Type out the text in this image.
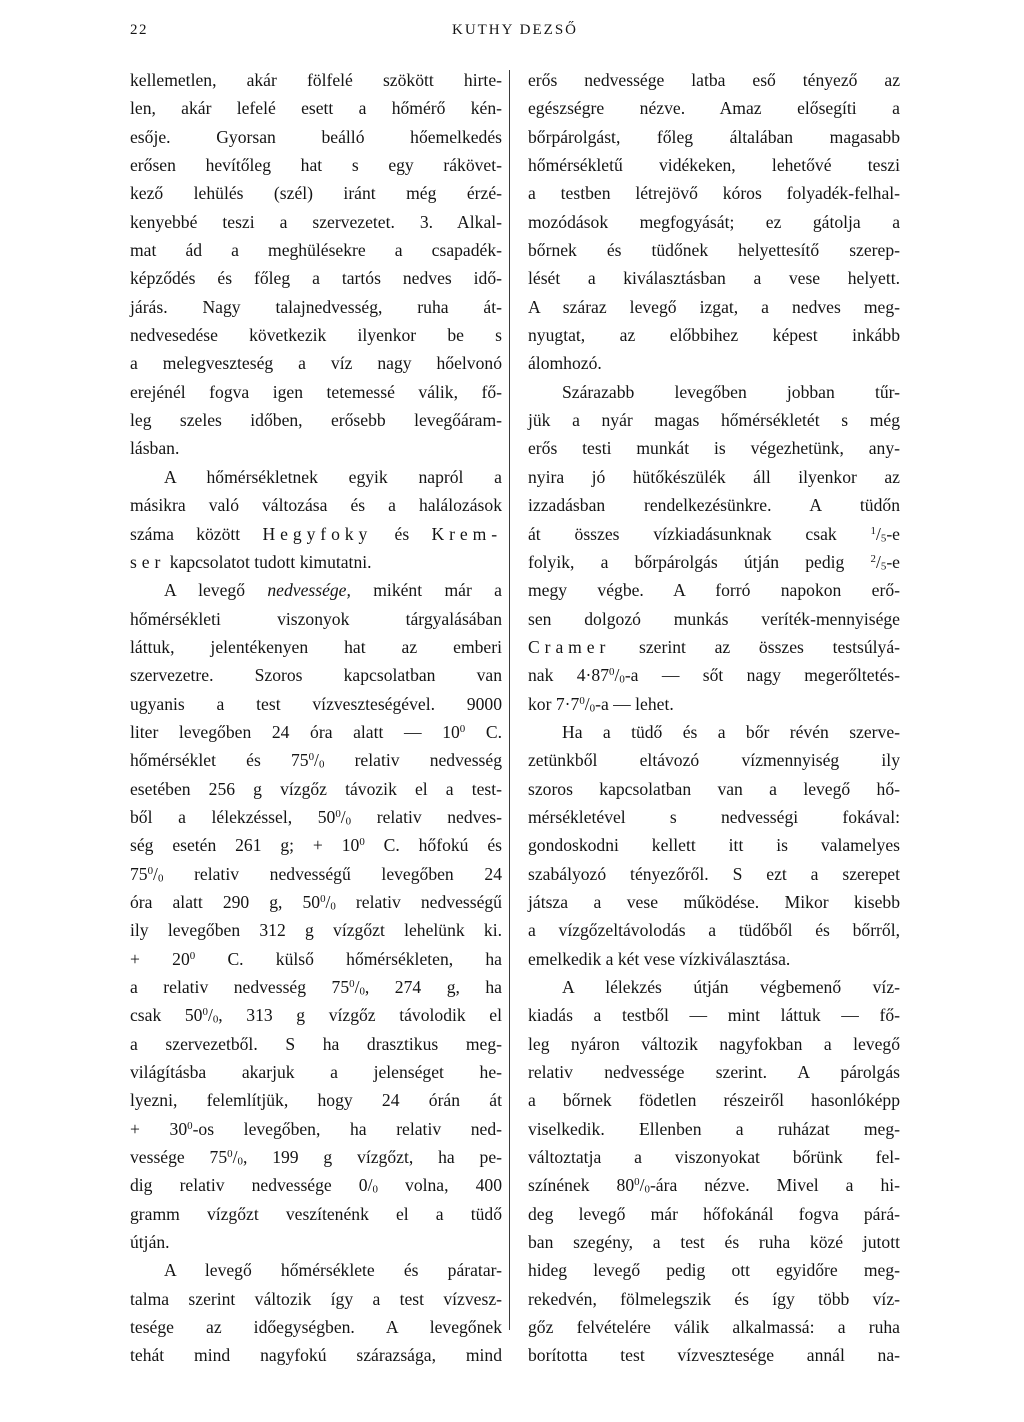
22	KUTHY DEZSŐ
kellemetlen, akár fölfelé szökött hirte-
len, akár lefelé esett a hőmérő kén-
esője. Gyorsan beálló hőemelkedés
erősen hevítőleg hat s egy rákövet-
kező lehülés (szél) iránt még érzé-
kenyebbé teszi a szervezetet. 3. Alkal-
mat ád a meghülésekre a csapadék-
képződés és főleg a tartós nedves idő-
járás. Nagy talajnedvesség, ruha át-
nedvesedése következik ilyenkor be s
a melegveszteség a víz nagy hőelvonó
erejénél fogva igen tetemessé válik, fő-
leg szeles időben, erősebb levegőáram-
lásban.
A hőmérsékletnek egyik napról a
másikra való változása és a halálozások
száma között Hegyfoky és Krem-
ser kapcsolatot tudott kimutatni.
A levegő nedvessége, miként már a
hőmérsékleti viszonyok tárgyalásában
láttuk, jelentékenyen hat az emberi
szervezetre. Szoros kapcsolatban van
ugyanis a test vízveszteségével. 9000
liter levegőben 24 óra alatt — $10^0$ C.
hőmérséklet és $75^0/_0$ relativ nedvesség
esetében 256 g vízgőz távozik el a test-
ből a lélekzéssel, $50^0/_0$ relativ nedves-
ség esetén 261 g; + $10^0$ C. hőfokú és
$75^0/_0$ relativ nedvességű levegőben 24
óra alatt 290 g, $50^0/_0$ relativ nedvességű
ily levegőben 312 g vízgőzt lehelünk ki.
+ $20^0$ C. külső hőmérsékleten, ha
a relativ nedvesség $75^0/_0$, 274 g, ha
csak $50^0/_0$, 313 g vízgőz távolodik el
a szervezetből. S ha drasztikus meg-
világításba akarjuk a jelenséget he-
lyezni, felemlítjük, hogy 24 órán át
+ $30^0-os$ levegőben, ha relativ ned-
vessége $75^0/_0$, 199 g vízgőzt, ha pe-
dig relativ nedvessége $0/_0$ volna, 400
gramm vízgőzt veszítenénk el a tüdő
útján.
A levegő hőmérséklete és páratar-
talma szerint változik így a test vízvesz-
tesége az időegységben. A levegőnek
tehát mind nagyfokú szárazsága, mind
erős nedvessége latba eső tényező az
egészségre nézve. Amaz elősegíti a
bőrpárolgást, főleg általában magasabb
hőmérsékletű vidékeken, lehetővé teszi
a testben létrejövő kóros folyadék-felhal-
mozódások megfogyását; ez gátolja a
bőrnek és tüdőnek helyettesítő szerep-
lését a kiválasztásban a vese helyett.
A száraz levegő izgat, a nedves meg-
nyugtat, az előbbihez képest inkább
álomhozó.
Szárazabb levegőben jobban tűr-
jük a nyár magas hőmérsékletét s még
erős testi munkát is végezhetünk, any-
nyira jó hütőkészülék áll ilyenkor az
izzadásban rendelkezésünkre. A tüdőn
át összes vízkiadásunknak csak	$^1/_5-e$
folyik, a bőrpárolgás útján pedig $^2/_5-e$
megy végbe. A forró napokon erő-
sen dolgozó munkás veríték-mennyisége
Cramer szerint az összes testsúlyá-
nak $4\cdot 87^0/_0-a$ — sőt nagy megerőltetés-
kor $7\cdot 7^0/_0-a$ — lehet.
Ha a tüdő és a bőr révén szerve-
zetünkből eltávozó vízmennyiség ily
szoros kapcsolatban van a levegő hő-
mérsékletével s nedvességi fokával:
gondoskodni kellett itt is valamelyes
szabályozó tényezőről. S ezt a szerepet
játsza a vese működése. Mikor kisebb
a vízgőzeltávolodás a tüdőből és bőrről,
emelkedik a két vese vízkiválasztása.
A lélekzés útján végbemenő víz-
kiadás a testből — mint láttuk — fő-
leg nyáron változik nagyfokban a levegő
relativ nedvessége szerint. A párolgás
a bőrnek födetlen részeiről hasonlóképp
viselkedik. Ellenben a ruházat meg-
változtatja a viszonyokat bőrünk fel-
színének $80^0/_0$-ára nézve. Mivel a hi-
deg levegő már hőfokánál fogva párá-
ban szegény, a test és ruha közé jutott
hideg levegő pedig ott egyidőre meg-
rekedvén, fölmelegszik és így több víz-
gőz felvételére válik alkalmassá: a ruha
borította test vízvesztesége annál na-
